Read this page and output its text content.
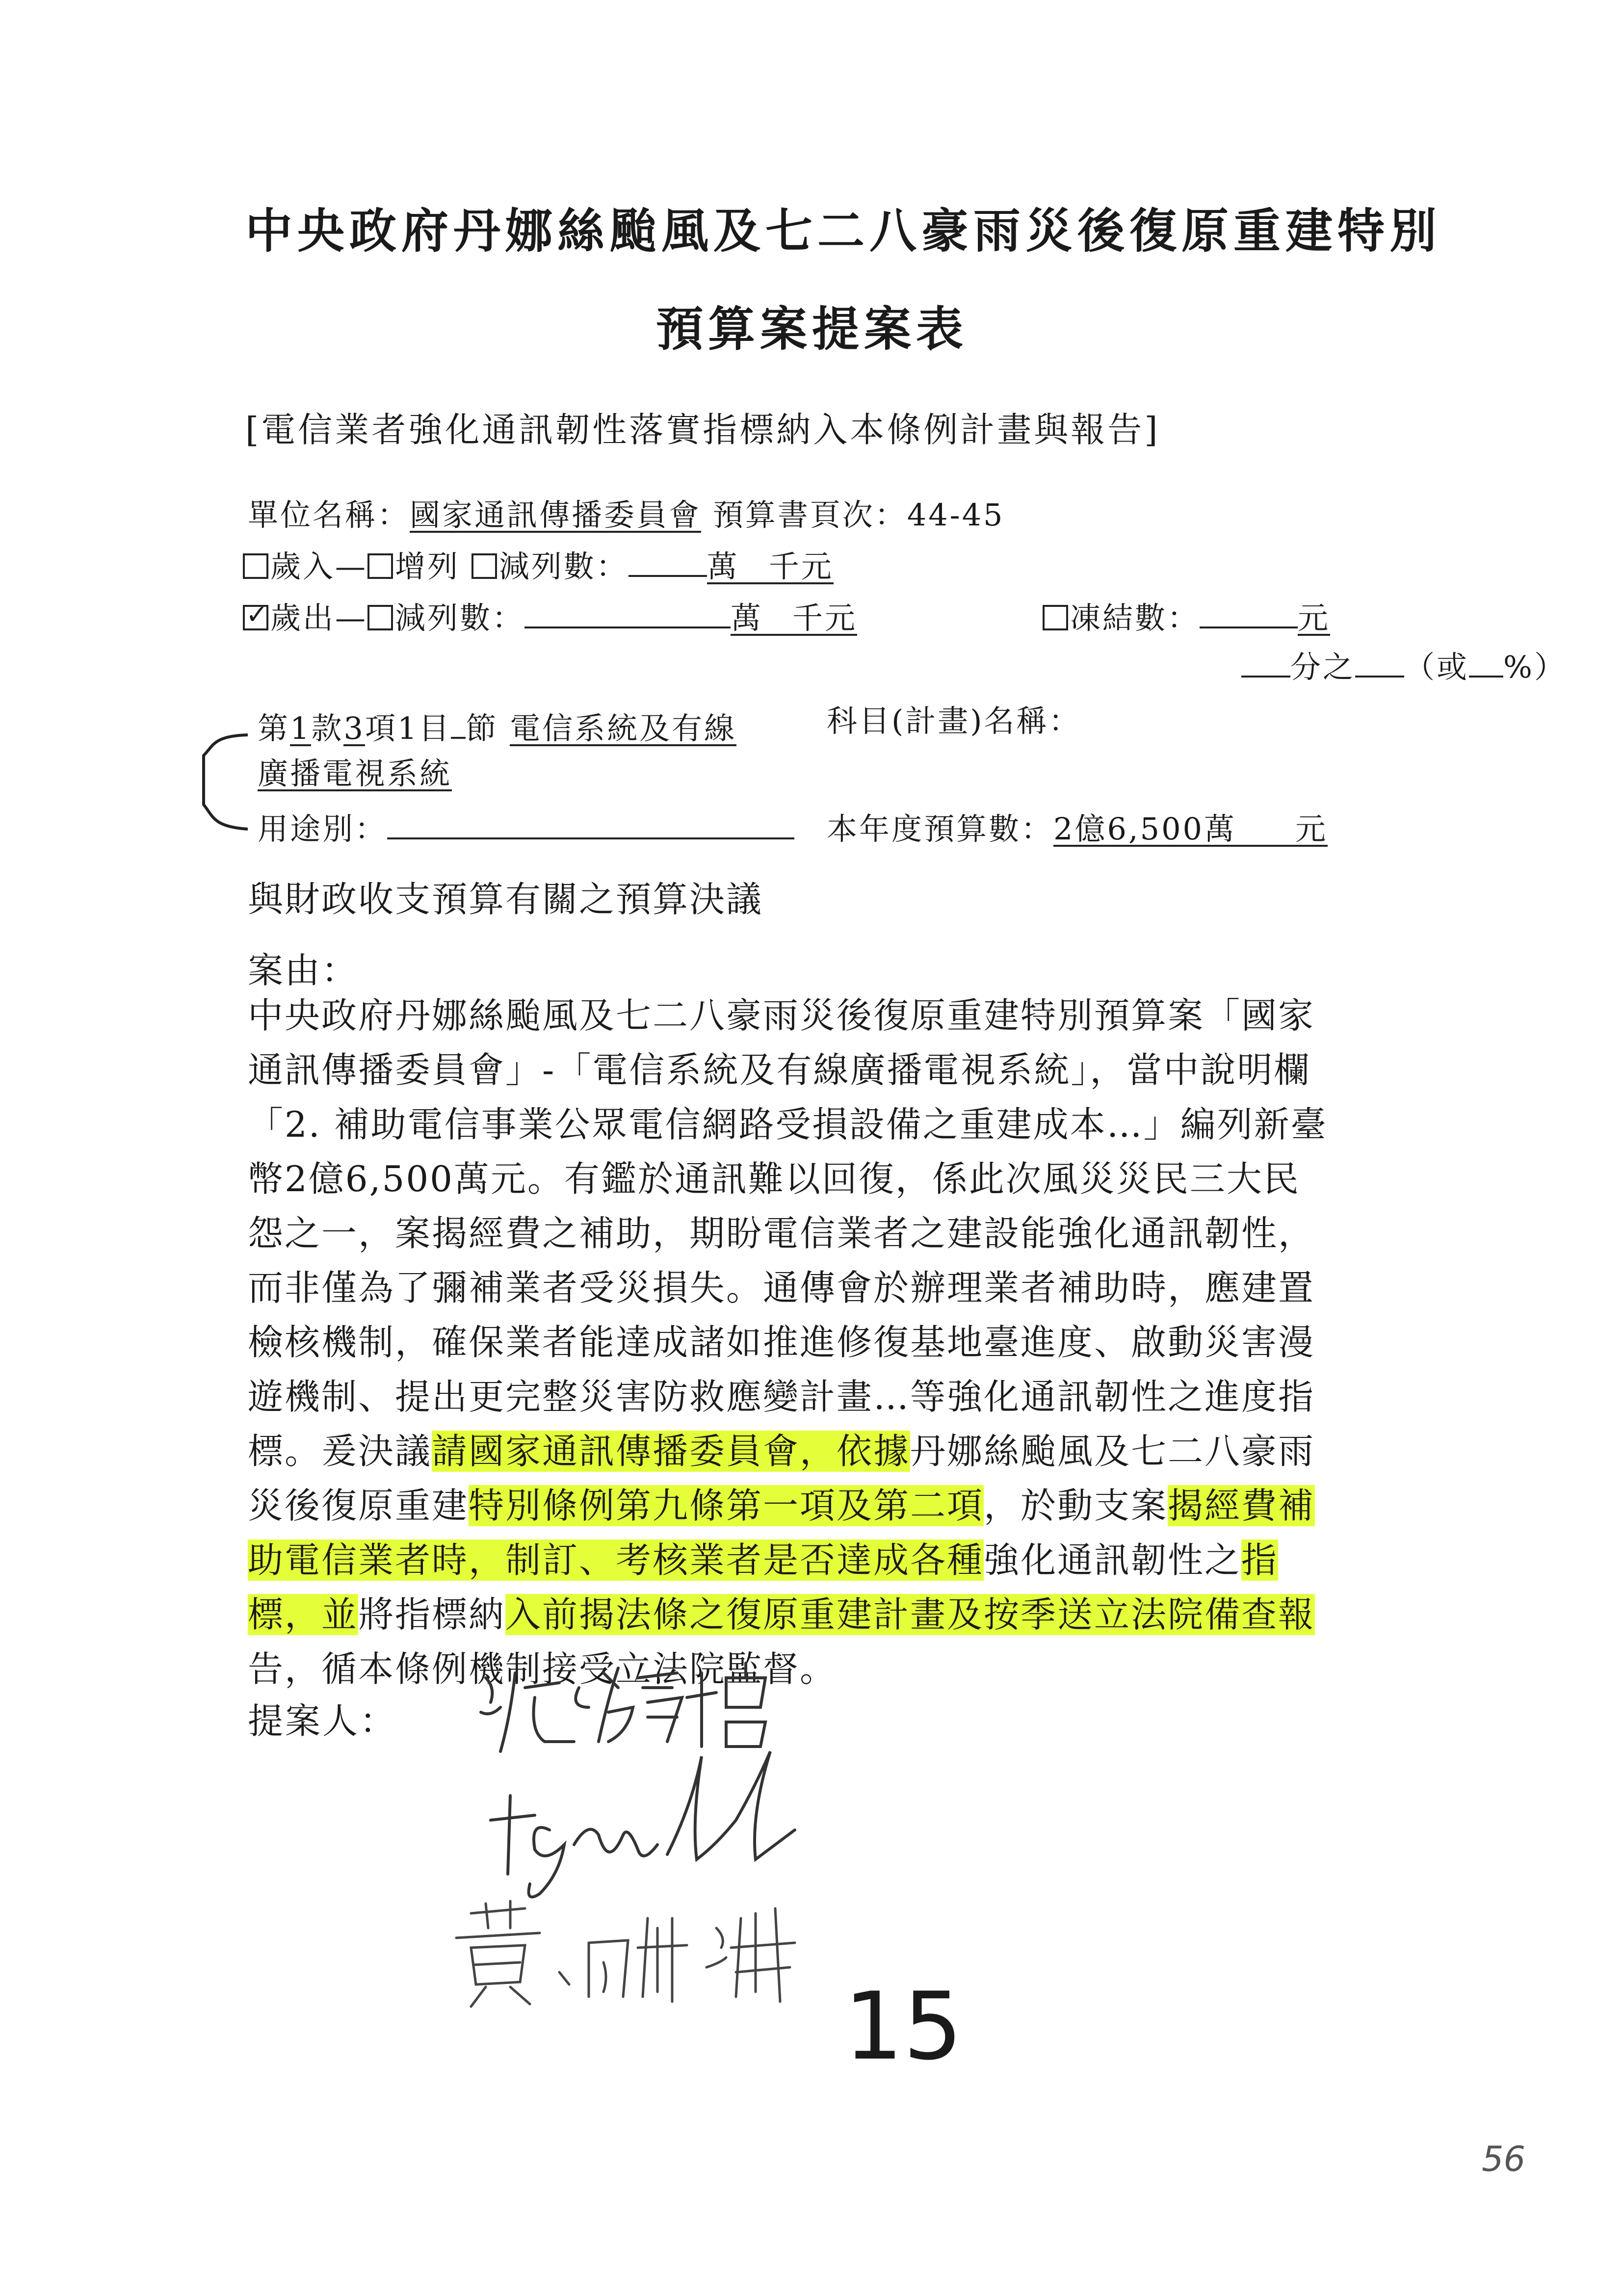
中央政府丹娜絲颱風及七二八豪雨災後復原重建特別
預算案提案表
[電信業者強化通訊韌性落實指標納入本條例計畫與報告]
單位名稱：國家通訊傳播委員會 預算書頁次：44-45
歲入— 增列 減列數：	萬 千元
✓歲出— 減列數：	萬 千元	凍結數：	元
分之 （或 %）
第1款3項1目 節 電信系統及有線	科目(計畫)名稱：
廣播電視系統
用途別：	本年度預算數：2億6,500萬 元
與財政收支預算有關之預算決議
案由：
中央政府丹娜絲颱風及七二八豪雨災後復原重建特別預算案「國家
通訊傳播委員會」-「電信系統及有線廣播電視系統」，當中說明欄
「2. 補助電信事業公眾電信網路受損設備之重建成本…」編列新臺
幣2億6,500萬元。有鑑於通訊難以回復，係此次風災災民三大民
怨之一，案揭經費之補助，期盼電信業者之建設能強化通訊韌性，
而非僅為了彌補業者受災損失。通傳會於辦理業者補助時，應建置
檢核機制，確保業者能達成諸如推進修復基地臺進度、啟動災害漫
遊機制、提出更完整災害防救應變計畫…等強化通訊韌性之進度指
標。爰決議請國家通訊傳播委員會，依據丹娜絲颱風及七二八豪雨
災後復原重建特別條例第九條第一項及第二項，於動支案揭經費補
助電信業者時，制訂、考核業者是否達成各種強化通訊韌性之指
標，並將指標納入前揭法條之復原重建計畫及按季送立法院備查報
告，循本條例機制接受立法院監督。
提案人：
15
56
